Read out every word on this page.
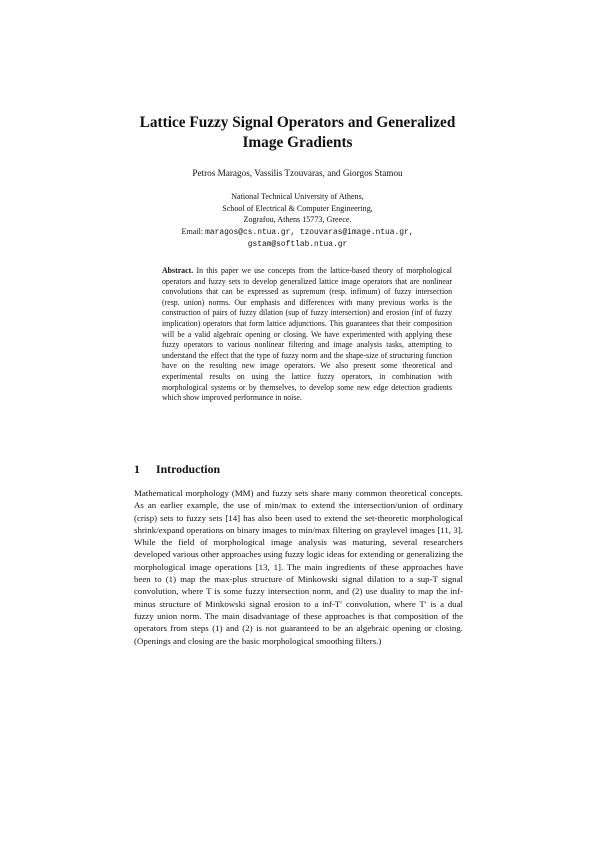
Lattice Fuzzy Signal Operators and Generalized
Image Gradients
Petros Maragos, Vassilis Tzouvaras, and Giorgos Stamou
National Technical University of Athens,
School of Electrical & Computer Engineering,
Zografou, Athens 15773, Greece.
Email: maragos@cs.ntua.gr, tzouvaras@image.ntua.gr,
gstam@softlab.ntua.gr
Abstract. In this paper we use concepts from the lattice-based theory of morphological operators and fuzzy sets to develop generalized lattice image operators that are nonlinear convolutions that can be expressed as supremum (resp. infimum) of fuzzy intersection (resp. union) norms. Our emphasis and differences with many previous works is the construction of pairs of fuzzy dilation (sup of fuzzy intersection) and erosion (inf of fuzzy implication) operators that form lattice adjunctions. This guarantees that their composition will be a valid algebraic opening or closing. We have experimented with applying these fuzzy operators to various nonlinear filtering and image analysis tasks, attempting to understand the effect that the type of fuzzy norm and the shape-size of structuring function have on the resulting new image operators. We also present some theoretical and experimental results on using the lattice fuzzy operators, in combination with morphological systems or by themselves, to develop some new edge detection gradients which show improved performance in noise.
1 Introduction
Mathematical morphology (MM) and fuzzy sets share many common theoretical concepts. As an earlier example, the use of min/max to extend the intersection/union of ordinary (crisp) sets to fuzzy sets [14] has also been used to extend the set-theoretic morphological shrink/expand operations on binary images to min/max filtering on graylevel images [11, 3]. While the field of morphological image analysis was maturing, several researchers developed various other approaches using fuzzy logic ideas for extending or generalizing the morphological image operations [13, 1]. The main ingredients of these approaches have been to (1) map the max-plus structure of Minkowski signal dilation to a sup-T signal convolution, where T is some fuzzy intersection norm, and (2) use duality to map the inf-minus structure of Minkowski signal erosion to a inf-T′ convolution, where T′ is a dual fuzzy union norm. The main disadvantage of these approaches is that composition of the operators from steps (1) and (2) is not guaranteed to be an algebraic opening or closing. (Openings and closing are the basic morphological smoothing filters.)
